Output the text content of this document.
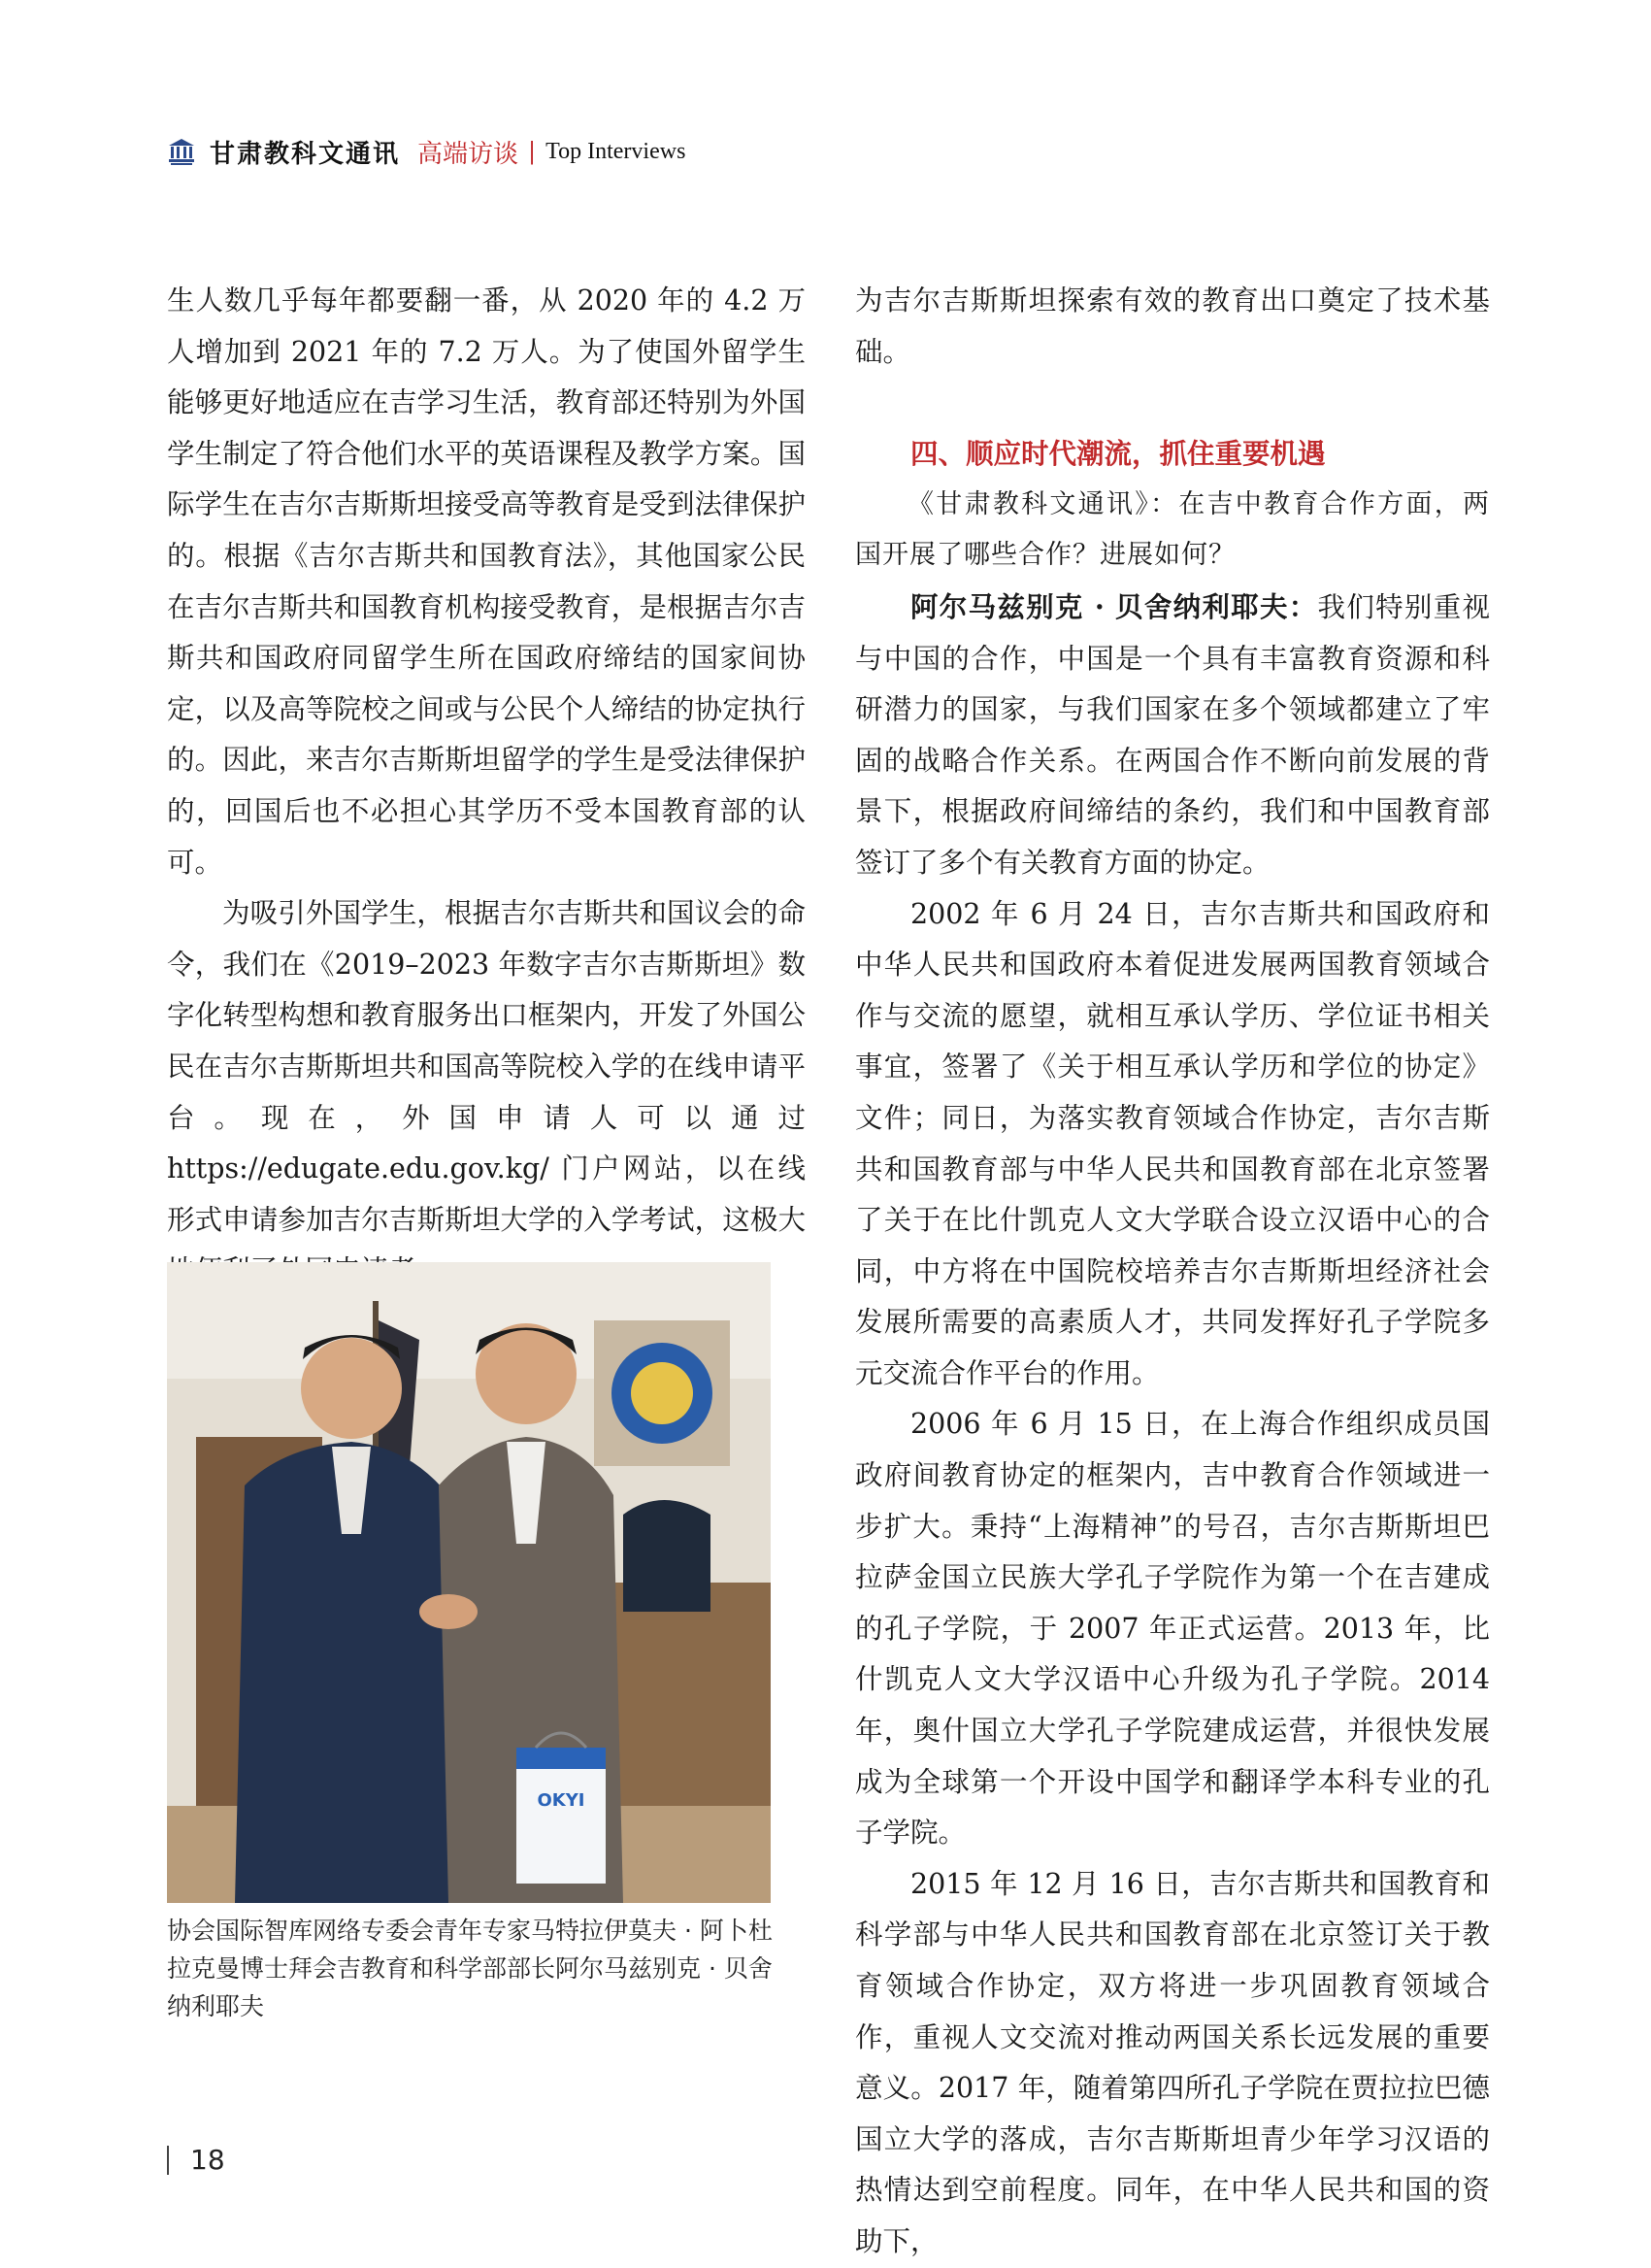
甘肃教科文通讯 高端访谈 | Top Interviews

生人数几乎每年都要翻一番，从 2020 年的 4.2 万人增加到 2021 年的 7.2 万人。为了使国外留学生能够更好地适应在吉学习生活，教育部还特别为外国学生制定了符合他们水平的英语课程及教学方案。国际学生在吉尔吉斯斯坦接受高等教育是受到法律保护的。根据《吉尔吉斯共和国教育法》，其他国家公民在吉尔吉斯共和国教育机构接受教育，是根据吉尔吉斯共和国政府同留学生所在国政府缔结的国家间协定，以及高等院校之间或与公民个人缔结的协定执行的。因此，来吉尔吉斯斯坦留学的学生是受法律保护的，回国后也不必担心其学历不受本国教育部的认可。

为吸引外国学生，根据吉尔吉斯共和国议会的命令，我们在《2019–2023 年数字吉尔吉斯斯坦》数字化转型构想和教育服务出口框架内，开发了外国公民在吉尔吉斯斯坦共和国高等院校入学的在线申请平台。现在，外国申请人可以通过 https://edugate.edu.gov.kg/ 门户网站，以在线形式申请参加吉尔吉斯斯坦大学的入学考试，这极大

OKYI
协会国际智库网络专委会青年专家马特拉伊莫夫 · 阿卜杜拉克曼博士拜会吉教育和科学部部长阿尔马兹别克 · 贝舍纳利耶夫

为吉尔吉斯斯坦探索有效的教育出口奠定了技术基础。

四、顺应时代潮流，抓住重要机遇

《甘肃教科文通讯》：在吉中教育合作方面，两国开展了哪些合作？进展如何？

阿尔马兹别克 · 贝舍纳利耶夫：我们特别重视与中国的合作，中国是一个具有丰富教育资源和科研潜力的国家，与我们国家在多个领域都建立了牢固的战略合作关系。在两国合作不断向前发展的背景下，根据政府间缔结的条约，我们和中国教育部签订了多个有关教育方面的协定。

2002 年 6 月 24 日，吉尔吉斯共和国政府和中华人民共和国政府本着促进发展两国教育领域合作与交流的愿望，就相互承认学历、学位证书相关事宜，签署了《关于相互承认学历和学位的协定》文件；同日，为落实教育领域合作协定，吉尔吉斯共和国教育部与中华人民共和国教育部在北京签署了关于在比什凯克人文大学联合设立汉语中心的合同，中方将在中国院校培养吉尔吉斯斯坦经济社会发展所需要的高素质人才，共同发挥好孔子学院多元交流合作平台的作用。

2006 年 6 月 15 日，在上海合作组织成员国政府间教育协定的框架内，吉中教育合作领域进一步扩大。秉持“上海精神”的号召，吉尔吉斯斯坦巴拉萨金国立民族大学孔子学院作为第一个在吉建成的孔子学院，于 2007 年正式运营。2013 年，比什凯克人文大学汉语中心升级为孔子学院。2014 年，奥什国立大学孔子学院建成运营，并很快发展成为全球第一个开设中国学和翻译学本科专业的孔子学院。

2015 年 12 月 16 日，吉尔吉斯共和国教育和科学部与中华人民共和国教育部在北京签订关于教育领域合作协定，双方将进一步巩固教育领域合作，重视人文交流对推动两国关系长远发展的重要意义。2017 年，随着第四所孔子学院在贾拉拉巴德国立大学的落成，吉尔吉斯斯坦青少年学习汉语的热情达到空前程度。同年，在中华人民共和国的资助下，

18
